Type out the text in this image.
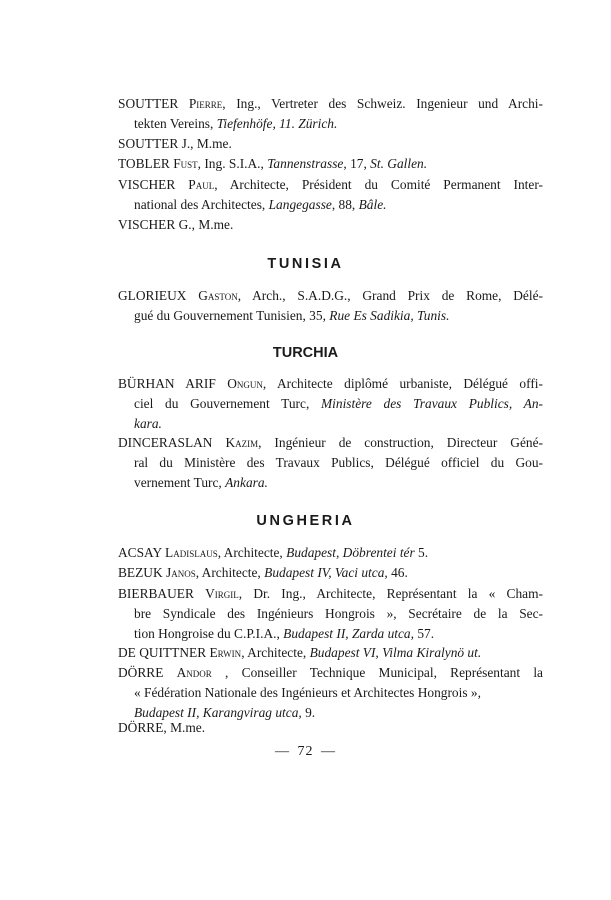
SOUTTER Pierre, Ing., Vertreter des Schweiz. Ingenieur und Archi-
tekten Vereins, Tiefenhöfe, 11. Zürich.

SOUTTER J., M.me.

TOBLER Fust, Ing. S.I.A., Tannenstrasse, 17, St. Gallen.

VISCHER Paul, Architecte, Président du Comité Permanent Inter-
national des Architectes, Langegasse, 88, Bâle.

VISCHER G., M.me.

TUNISIA

GLORIEUX Gaston, Arch., S.A.D.G., Grand Prix de Rome, Délé-
gué du Gouvernement Tunisien, 35, Rue Es Sadikia, Tunis.

TURCHIA

BÜRHAN ARIF Ongun, Architecte diplômé urbaniste, Délégué offi-
ciel du Gouvernement Turc, Ministère des Travaux Publics, An-
kara.

DINCERASLAN Kazim, Ingénieur de construction, Directeur Géné-
ral du Ministère des Travaux Publics, Délégué officiel du Gou-
vernement Turc, Ankara.

UNGHERIA

ACSAY Ladislaus, Architecte, Budapest, Döbrentei tér 5.

BEZUK Janos, Architecte, Budapest IV, Vaci utca, 46.

BIERBAUER Virgil, Dr. Ing., Architecte, Représentant la « Cham-
bre Syndicale des Ingénieurs Hongrois », Secrétaire de la Sec-
tion Hongroise du C.P.I.A., Budapest II, Zarda utca, 57.

DE QUITTNER Erwin, Architecte, Budapest VI, Vilma Kiralynö ut.

DÖRRE Andor , Conseiller Technique Municipal, Représentant la
« Fédération Nationale des Ingénieurs et Architectes Hongrois »,
Budapest II, Karangvirag utca, 9.

DÖRRE, M.me.

— 72 —
